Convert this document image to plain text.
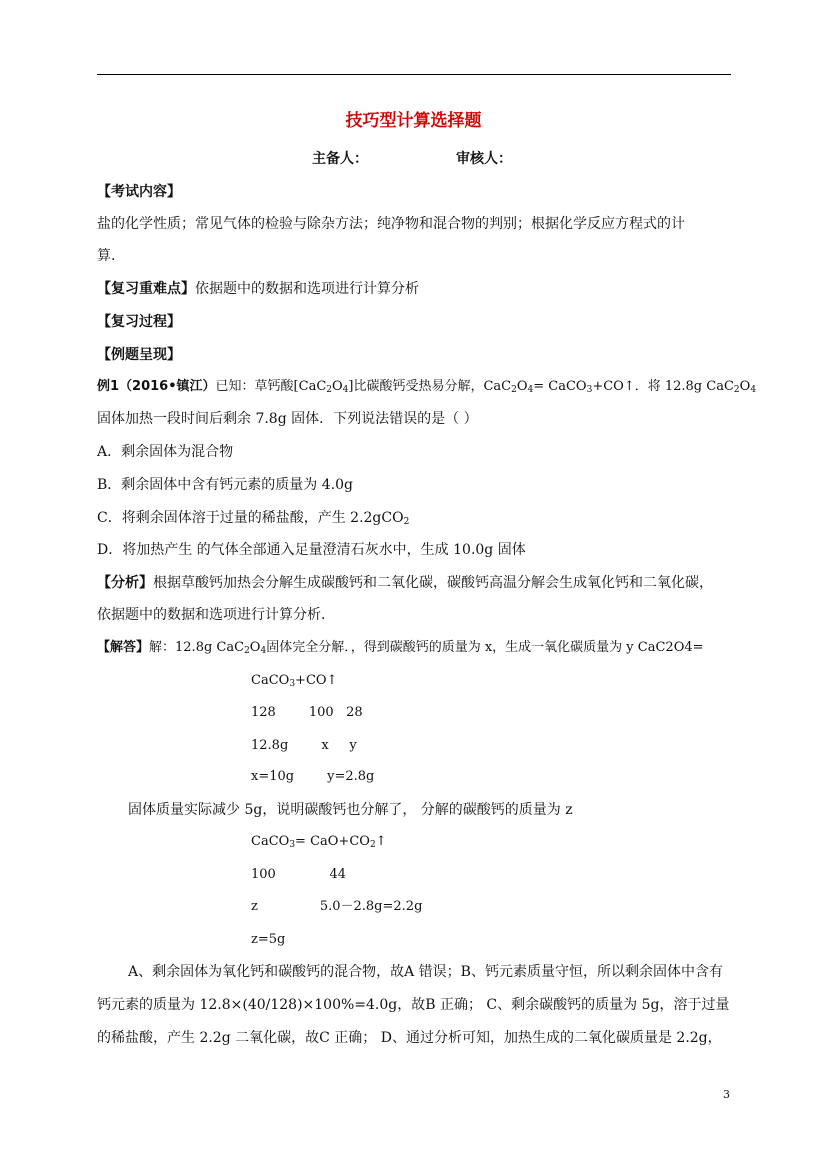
技巧型计算选择题
主备人：	审核人：
【考试内容】
盐的化学性质；常见气体的检验与除杂方法；纯净物和混合物的判别；根据化学反应方程式的计
算.
【复习重难点】依据题中的数据和选项进行计算分析
【复习过程】
【例题呈现】
例1（2016•镇江）已知：草钙酸$[CaC_2O_4]$比碳酸钙受热易分解，$CaC_2O_4=$ CaCO$_3$+CO↑．将 12.8g $CaC_2O_4$
固体加热一段时间后剩余 7.8g 固体．下列说法错误的是（ ）
A．剩余固体为混合物
B．剩余固体中含有钙元素的质量为 4.0g
C．将剩余固体溶于过量的稀盐酸，产生 2.2gCO$_2$
D．将加热产生 的气体全部通入足量澄清石灰水中，生成 10.0g 固体
【分析】根据草酸钙加热会分解生成碳酸钙和二氧化碳，碳酸钙高温分解会生成氧化钙和二氧化碳，
依据题中的数据和选项进行计算分析．
【解答】解：12.8g $CaC_2O_4$固体完全分解．，得到碳酸钙的质量为 x，生成一氧化碳质量为 y CaC2O4=
CaCO$_3$+CO↑
128        100   28
12.8g        x     y
x=10g        y=2.8g
固体质量实际减少 5g，说明碳酸钙也分解了， 分解的碳酸钙的质量为 z
CaCO$_3$= $CaO+CO_2↑$
100             44
z               5.0－2.8g=2.2g
z=5g
A、剩余固体为氧化钙和碳酸钙的混合物，故A 错误；B、钙元素质量守恒，所以剩余固体中含有
钙元素的质量为 12.8×(40/128)×100%=4.0g，故B 正确； C、剩余碳酸钙的质量为 5g，溶于过量
的稀盐酸，产生 2.2g 二氧化碳，故C 正确； D、通过分析可知，加热生成的二氧化碳质量是 2.2g，
3
